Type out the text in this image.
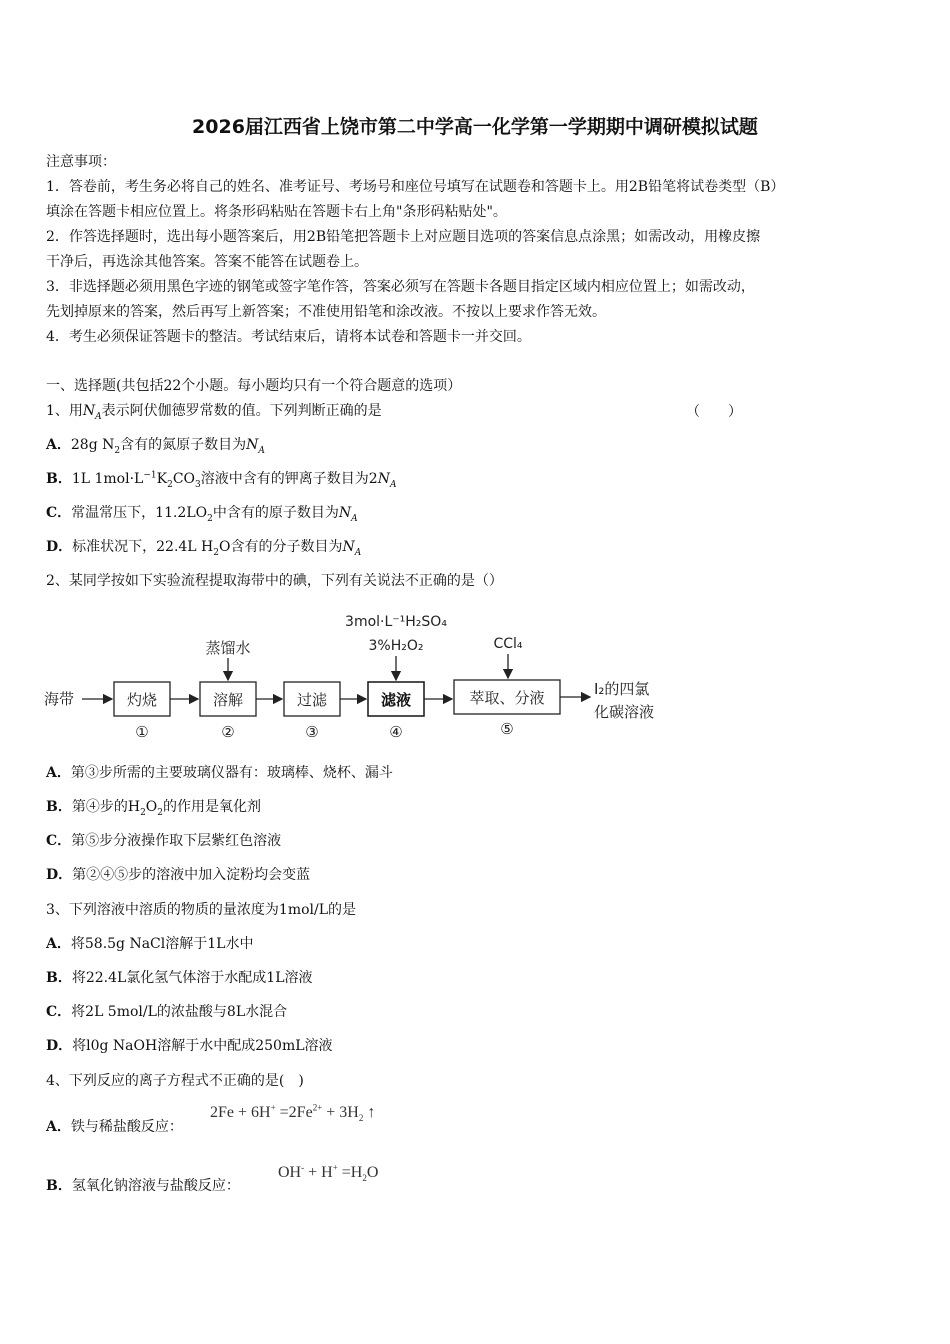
2026届江西省上饶市第二中学高一化学第一学期期中调研模拟试题
注意事项：
1．答卷前，考生务必将自己的姓名、准考证号、考场号和座位号填写在试题卷和答题卡上。用2B铅笔将试卷类型（B）
填涂在答题卡相应位置上。将条形码粘贴在答题卡右上角"条形码粘贴处"。
2．作答选择题时，选出每小题答案后，用2B铅笔把答题卡上对应题目选项的答案信息点涂黑；如需改动，用橡皮擦
干净后，再选涂其他答案。答案不能答在试题卷上。
3．非选择题必须用黑色字迹的钢笔或签字笔作答，答案必须写在答题卡各题目指定区域内相应位置上；如需改动，
先划掉原来的答案，然后再写上新答案；不准使用铅笔和涂改液。不按以上要求作答无效。
4．考生必须保证答题卡的整洁。考试结束后，请将本试卷和答题卡一并交回。
一、选择题(共包括22个小题。每小题均只有一个符合题意的选项）
1、用$N_A$表示阿伏伽德罗常数的值。下列判断正确的是	（　　）
A．28g $N_2$含有的氮原子数目为$N_A$
B．1L $1mol\cdot L^{-1}K_2CO_3$溶液中含有的钾离子数目为$2N_A$
C．常温常压下，$11.2LO_2$中含有的原子数目为$N_A$
D．标准状况下，22.4L $H_2O$含有的分子数目为$N_A$
2、某同学按如下实验流程提取海带中的碘，下列有关说法不正确的是（）
海带	灼烧
①
蒸馏水
溶解
②
过滤
③
3mol·L⁻¹H₂SO₄
3%H₂O₂
滤液
④
CCl₄
萃取、分液
⑤
I₂的四氯
化碳溶液
A．第③步所需的主要玻璃仪器有：玻璃棒、烧杯、漏斗
B．第④步的$H_2O_2$的作用是氧化剂
C．第⑤步分液操作取下层紫红色溶液
D．第②④⑤步的溶液中加入淀粉均会变蓝
3、下列溶液中溶质的物质的量浓度为1mol/L的是
A．将58.5g NaCl溶解于1L水中
B．将22.4L氯化氢气体溶于水配成1L溶液
C．将2L 5mol/L的浓盐酸与8L水混合
D．将l0g NaOH溶解于水中配成250mL溶液
4、下列反应的离子方程式不正确的是(　)
A．铁与稀盐酸反应：
$2Fe + 6H^+ =2Fe^{2+} + 3H_2$ ↑
B．氢氧化钠溶液与盐酸反应：
$OH^- + H^+ =H_2O$
